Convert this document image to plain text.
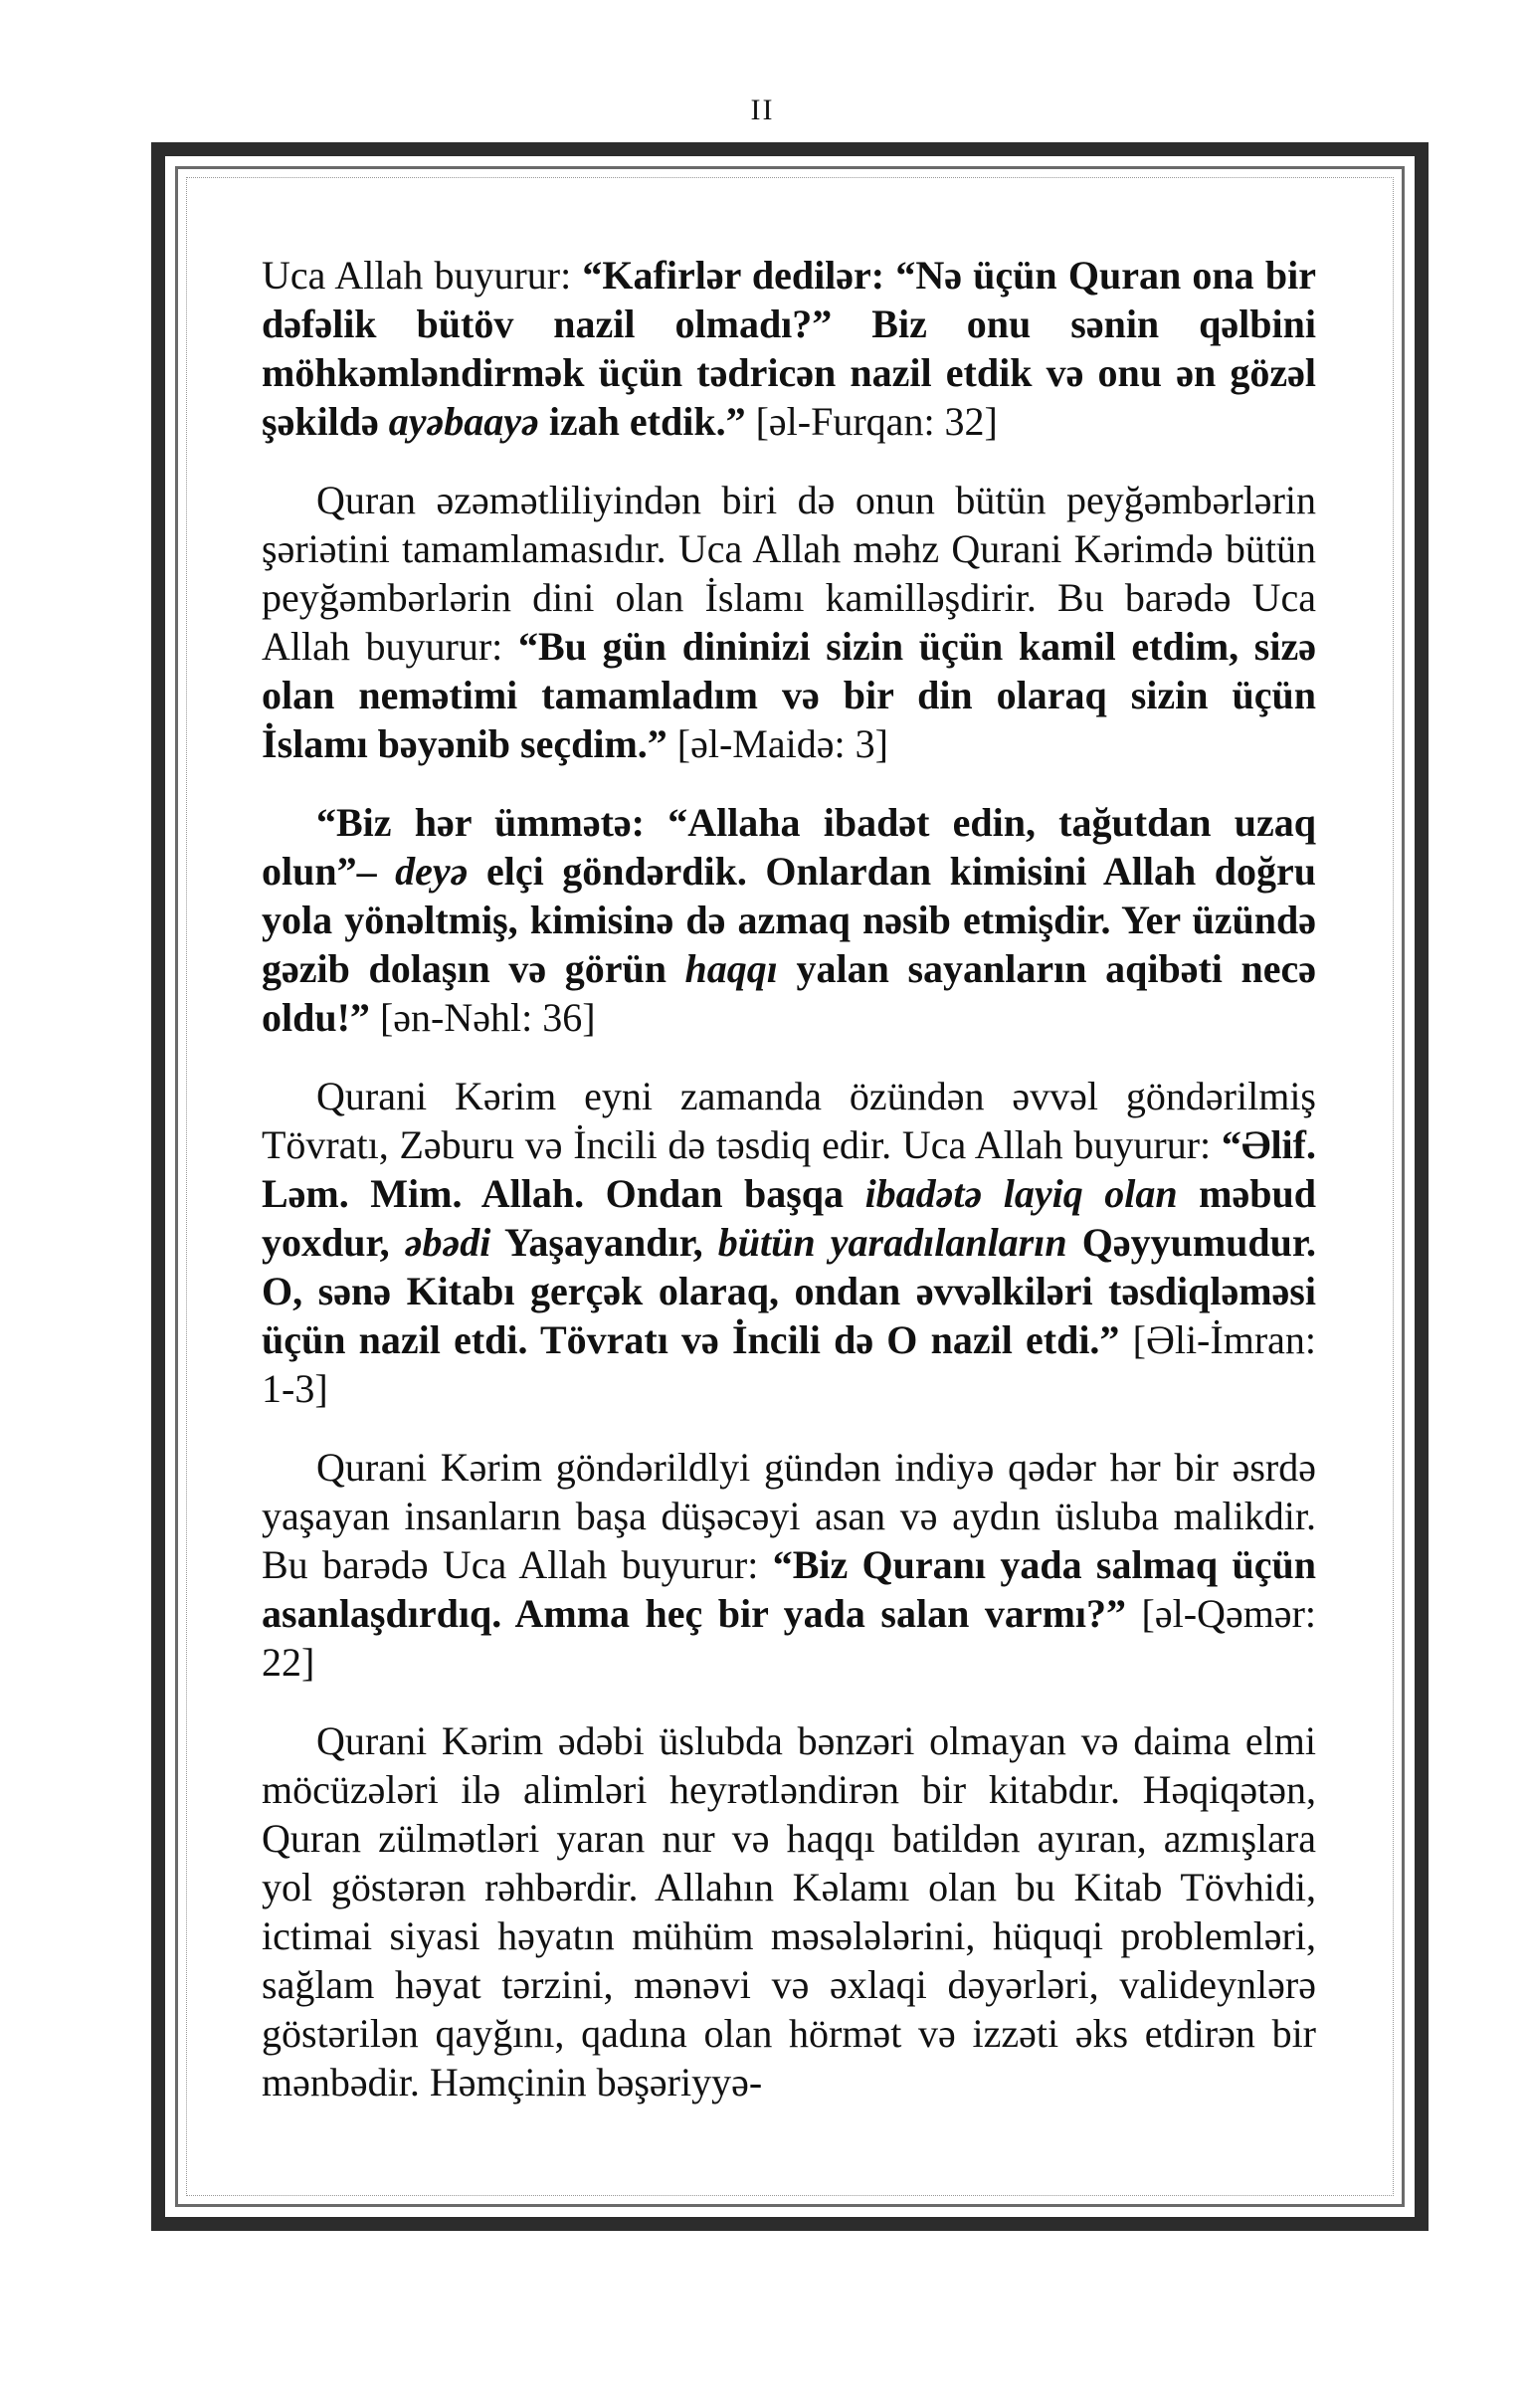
II

Uca Allah buyurur: “Kafirlər dedilər: “Nə üçün Quran ona bir dəfəlik bütöv nazil olmadı?” Biz onu sənin qəlbini möhkəmləndirmək üçün tədricən nazil etdik və onu ən gözəl şəkildə ayəbaayə izah etdik.” [əl-Furqan: 32]

Quran əzəmətliliyindən biri də onun bütün peyğəmbərlərin şəriətini tamamlamasıdır. Uca Allah məhz Qurani Kərimdə bütün peyğəmbərlərin dini olan İslamı kamilləşdirir. Bu barədə Uca Allah buyurur: “Bu gün dininizi sizin üçün kamil etdim, sizə olan nemətimi tamamladım və bir din olaraq sizin üçün İslamı bəyənib seçdim.” [əl-Maidə: 3]

“Biz hər ümmətə: “Allaha ibadət edin, tağutdan uzaq olun”– deyə elçi göndərdik. Onlardan kimisini Allah doğru yola yönəltmiş, kimisinə də azmaq nəsib etmişdir. Yer üzündə gəzib dolaşın və görün haqqı yalan sayanların aqibəti necə oldu!” [ən-Nəhl: 36]

Qurani Kərim eyni zamanda özündən əvvəl göndərilmiş Tövratı, Zəburu və İncili də təsdiq edir. Uca Allah buyurur: “Əlif. Ləm. Mim. Allah. Ondan başqa ibadətə layiq olan məbud yoxdur, əbədi Yaşayandır, bütün yaradılanların Qəyyumudur. O, sənə Kitabı gerçək olaraq, ondan əvvəlkiləri təsdiqləməsi üçün nazil etdi. Tövratı və İncili də O nazil etdi.” [Əli-İmran: 1-3]

Qurani Kərim göndərildlyi gündən indiyə qədər hər bir əsrdə yaşayan insanların başa düşəcəyi asan və aydın üsluba malikdir. Bu barədə Uca Allah buyurur: “Biz Quranı yada salmaq üçün asanlaşdırdıq. Amma heç bir yada salan varmı?” [əl-Qəmər: 22]

Qurani Kərim ədəbi üslubda bənzəri olmayan və daima elmi möcüzələri ilə alimləri heyrətləndirən bir kitabdır. Həqiqətən, Quran zülmətləri yaran nur və haqqı batildən ayıran, azmışlara yol göstərən rəhbərdir. Allahın Kəlamı olan bu Kitab Tövhidi, ictimai siyasi həyatın mühüm məsələlərini, hüquqi problemləri, sağlam həyat tərzini, mənəvi və əxlaqi dəyərləri, valideynlərə göstərilən qayğını, qadına olan hörmət və izzəti əks etdirən bir mənbədir. Həmçinin bəşəriyyə-
